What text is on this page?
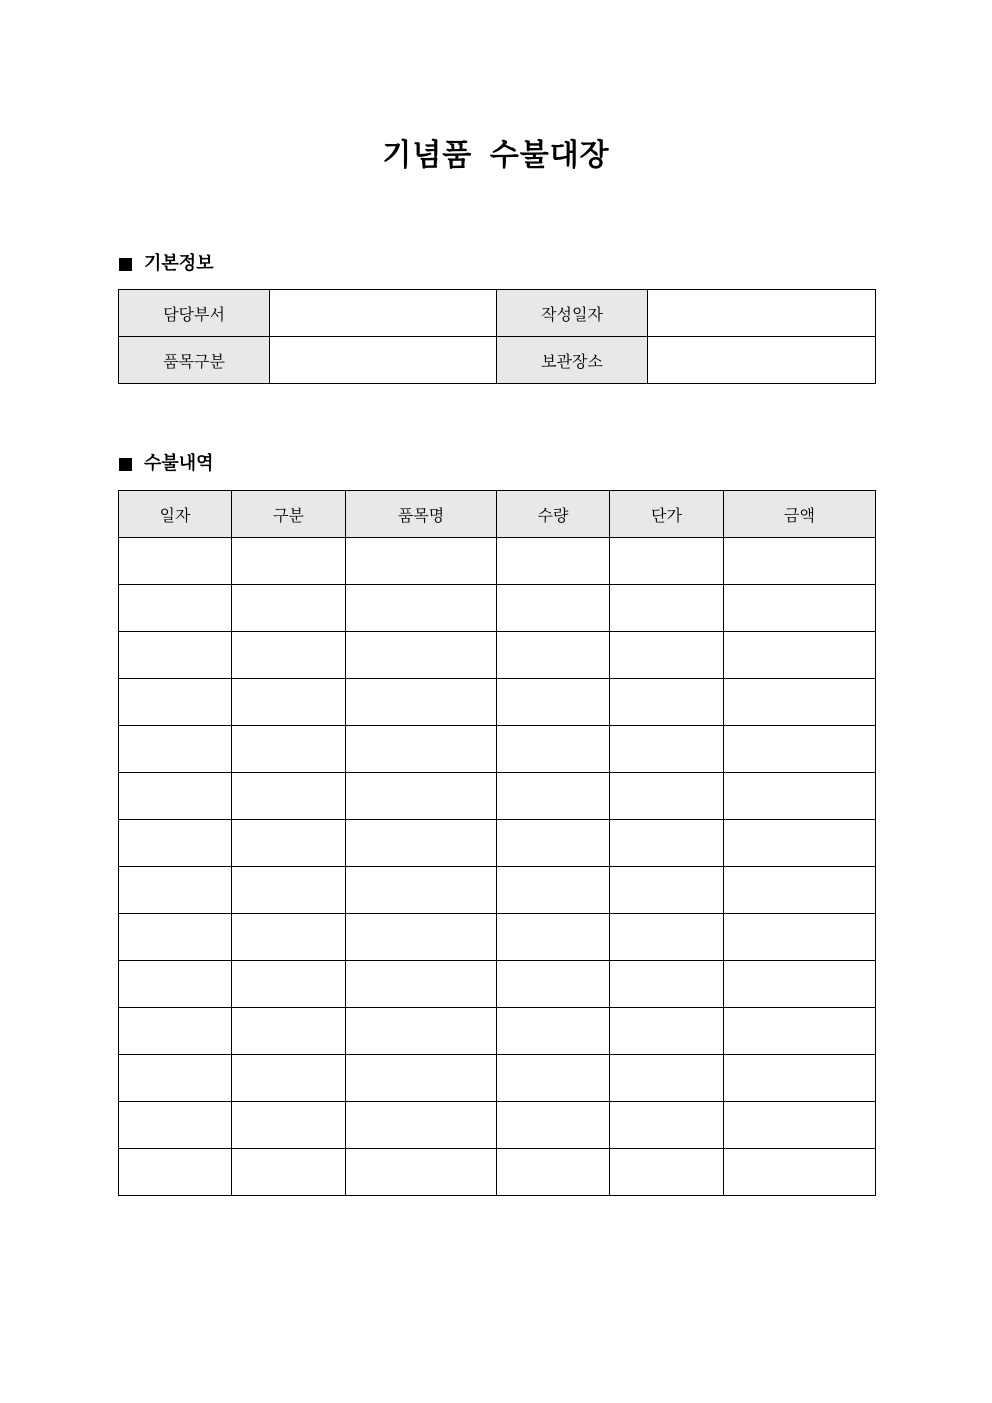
기념품 수불대장
기본정보
담당부서		작성일자	
품목구분		보관장소	
수불내역
일자	구분	품목명	수량	단가	금액
